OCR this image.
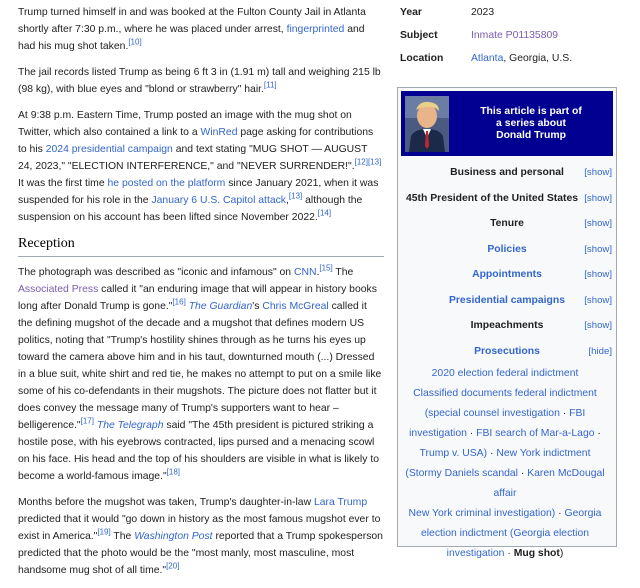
Trump turned himself in and was booked at the Fulton County Jail in Atlanta shortly after 7:30 p.m., where he was placed under arrest, fingerprinted and had his mug shot taken.[10]

The jail records listed Trump as being 6 ft 3 in (1.91 m) tall and weighing 215 lb (98 kg), with blue eyes and "blond or strawberry" hair.[11]

At 9:38 p.m. Eastern Time, Trump posted an image with the mug shot on Twitter, which also contained a link to a WinRed page asking for contributions to his 2024 presidential campaign and text stating "MUG SHOT — AUGUST 24, 2023," "ELECTION INTERFERENCE," and "NEVER SURRENDER!".[12][13] It was the first time he posted on the platform since January 2021, when it was suspended for his role in the January 6 U.S. Capitol attack,[13] although the suspension on his account has been lifted since November 2022.[14]

Reception

The photograph was described as "iconic and infamous" on CNN.[15] The Associated Press called it "an enduring image that will appear in history books long after Donald Trump is gone."[16] The Guardian's Chris McGreal called it the defining mugshot of the decade and a mugshot that defines modern US politics, noting that "Trump's hostility shines through as he turns his eyes up toward the camera above him and in his taut, downturned mouth (...) Dressed in a blue suit, white shirt and red tie, he makes no attempt to put on a smile like some of his co-defendants in their mugshots. The picture does not flatter but it does convey the message many of Trump's supporters want to hear – belligerence."[17] The Telegraph said "The 45th president is pictured striking a hostile pose, with his eyebrows contracted, lips pursed and a menacing scowl on his face. His head and the top of his shoulders are visible in what is likely to become a world-famous image."[18]

Months before the mugshot was taken, Trump's daughter-in-law Lara Trump predicted that it would "go down in history as the most famous mugshot ever to exist in America."[19] The Washington Post reported that a Trump spokesperson predicted that the photo would be the "most manly, most masculine, most handsome mug shot of all time."[20]

Year	2023
Subject	Inmate P01135809
Location	Atlanta, Georgia, U.S.
This article is part of
a series about
Donald Trump
Business and personal	[show]
45th President of the United States [show]
Tenure	[show]
Policies	[show]
Appointments	[show]
Presidential campaigns	[show]
Impeachments	[show]
Prosecutions	[hide]
2020 election federal indictment
Classified documents federal indictment
(special counsel investigation · FBI investigation · FBI search of Mar-a-Lago ·
Trump v. USA) · New York indictment (Stormy Daniels scandal · Karen McDougal affair
New York criminal investigation) · Georgia election indictment (Georgia election investigation · Mug shot)
